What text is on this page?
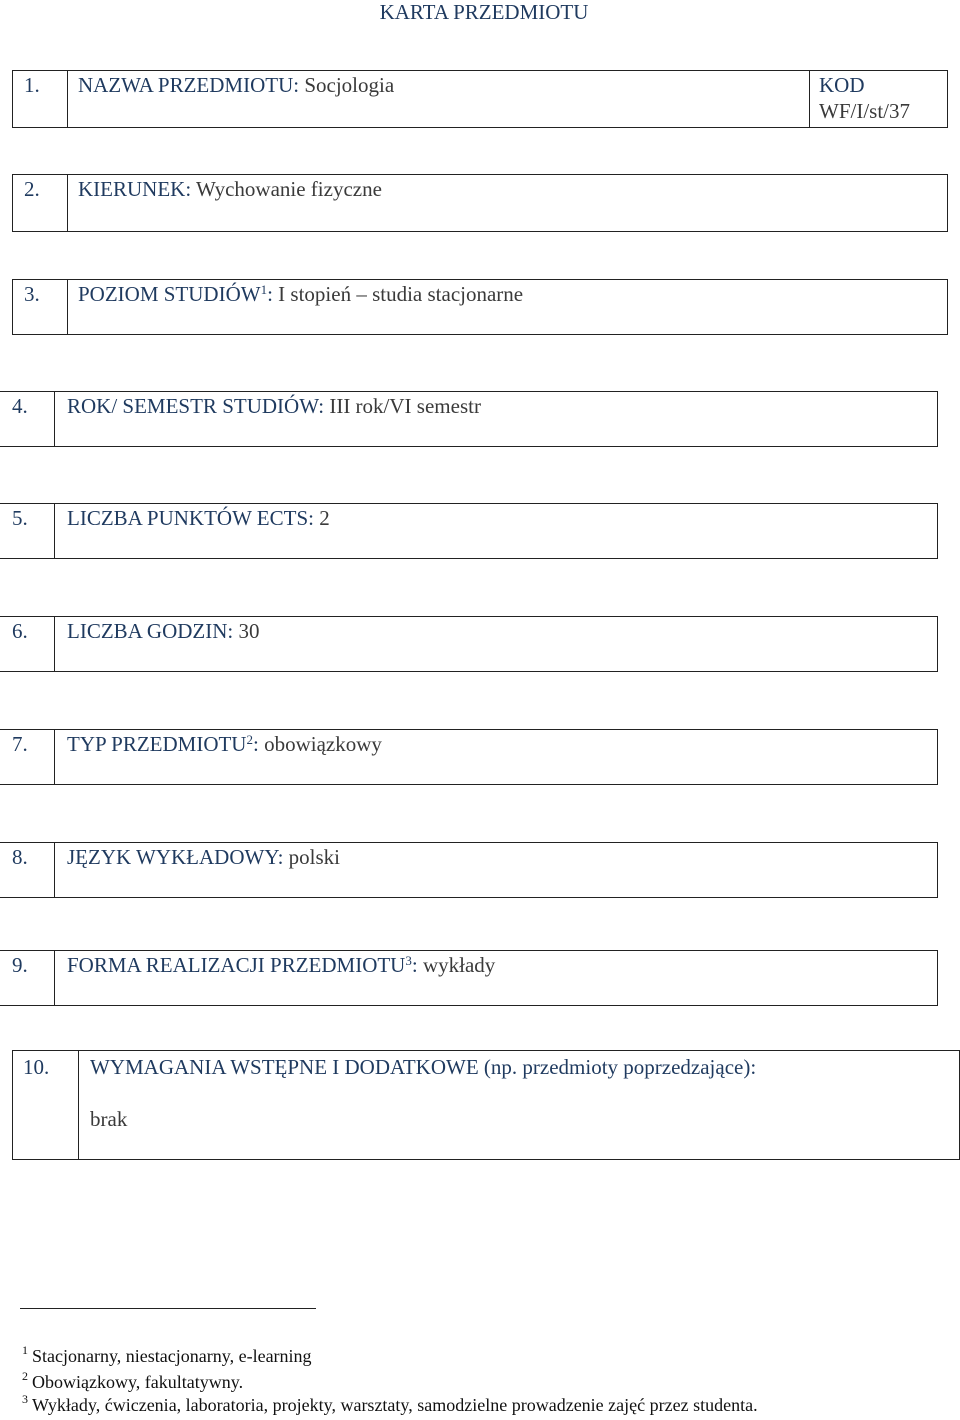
KARTA PRZEDMIOTU
1. NAZWA PRZEDMIOTU: Socjologia	KOD
WF/I/st/37
2. KIERUNEK: Wychowanie fizyczne
3. POZIOM STUDIÓW$^1$: I stopień – studia stacjonarne
4. ROK/ SEMESTR STUDIÓW: III rok/VI semestr
5. LICZBA PUNKTÓW ECTS: 2
6. LICZBA GODZIN: 30
7. TYP PRZEDMIOTU$^2$: obowiązkowy
8. JĘZYK WYKŁADOWY: polski
9. FORMA REALIZACJI PRZEDMIOTU$^3$: wykłady
10. WYMAGANIA WSTĘPNE I DODATKOWE (np. przedmioty poprzedzające):
brak
$^1$ Stacjonarny, niestacjonarny, e-learning
$^2$ Obowiązkowy, fakultatywny.
$^3$ Wykłady, ćwiczenia, laboratoria, projekty, warsztaty, samodzielne prowadzenie zajęć przez studenta.
